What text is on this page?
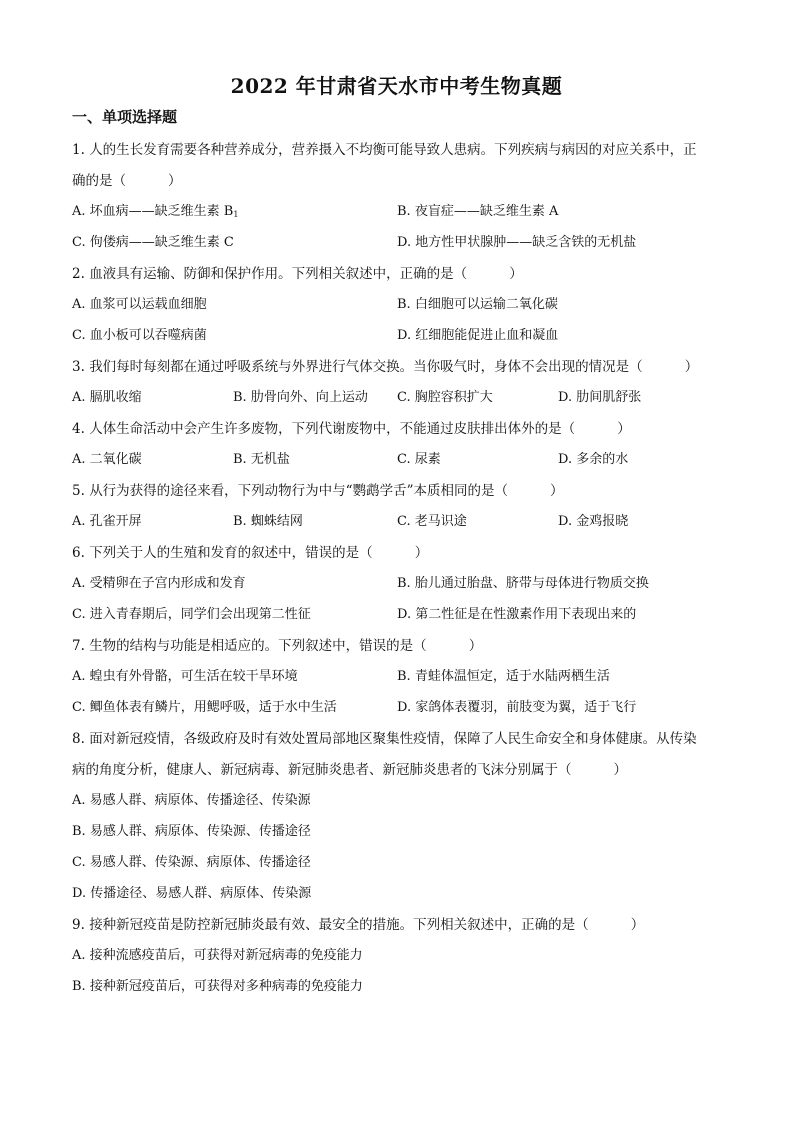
2022 年甘肃省天水市中考生物真题
一、单项选择题
1. 人的生长发育需要各种营养成分，营养摄入不均衡可能导致人患病。下列疾病与病因的对应关系中，正
确的是（	）
A. 坏血病——缺乏维生素 $B_1$	B. 夜盲症——缺乏维生素 A
C. 佝偻病——缺乏维生素 C	D. 地方性甲状腺肿——缺乏含铁的无机盐
2. 血液具有运输、防御和保护作用。下列相关叙述中，正确的是（	）
A. 血浆可以运载血细胞	B. 白细胞可以运输二氧化碳
C. 血小板可以吞噬病菌	D. 红细胞能促进止血和凝血
3. 我们每时每刻都在通过呼吸系统与外界进行气体交换。当你吸气时，身体不会出现的情况是（	）
A. 膈肌收缩	B. 肋骨向外、向上运动 C. 胸腔容积扩大	D. 肋间肌舒张
4. 人体生命活动中会产生许多废物，下列代谢废物中，不能通过皮肤排出体外的是（	）
A. 二氧化碳	B. 无机盐	C. 尿素	D. 多余的水
5. 从行为获得的途径来看，下列动物行为中与“鹦鹉学舌”本质相同的是（	）
A. 孔雀开屏	B. 蜘蛛结网	C. 老马识途	D. 金鸡报晓
6. 下列关于人的生殖和发育的叙述中，错误的是（	）
A. 受精卵在子宫内形成和发育	B. 胎儿通过胎盘、脐带与母体进行物质交换
C. 进入青春期后，同学们会出现第二性征	D. 第二性征是在性激素作用下表现出来的
7. 生物的结构与功能是相适应的。下列叙述中，错误的是（	）
A. 蝗虫有外骨骼，可生活在较干旱环境	B. 青蛙体温恒定，适于水陆两栖生活
C. 鲫鱼体表有鳞片，用鳃呼吸，适于水中生活	D. 家鸽体表覆羽，前肢变为翼，适于飞行
8. 面对新冠疫情，各级政府及时有效处置局部地区聚集性疫情，保障了人民生命安全和身体健康。从传染
病的角度分析，健康人、新冠病毒、新冠肺炎患者、新冠肺炎患者的飞沫分别属于（	）
A. 易感人群、病原体、传播途径、传染源
B. 易感人群、病原体、传染源、传播途径
C. 易感人群、传染源、病原体、传播途径
D. 传播途径、易感人群、病原体、传染源
9. 接种新冠疫苗是防控新冠肺炎最有效、最安全的措施。下列相关叙述中，正确的是（	）
A. 接种流感疫苗后，可获得对新冠病毒的免疫能力
B. 接种新冠疫苗后，可获得对多种病毒的免疫能力
